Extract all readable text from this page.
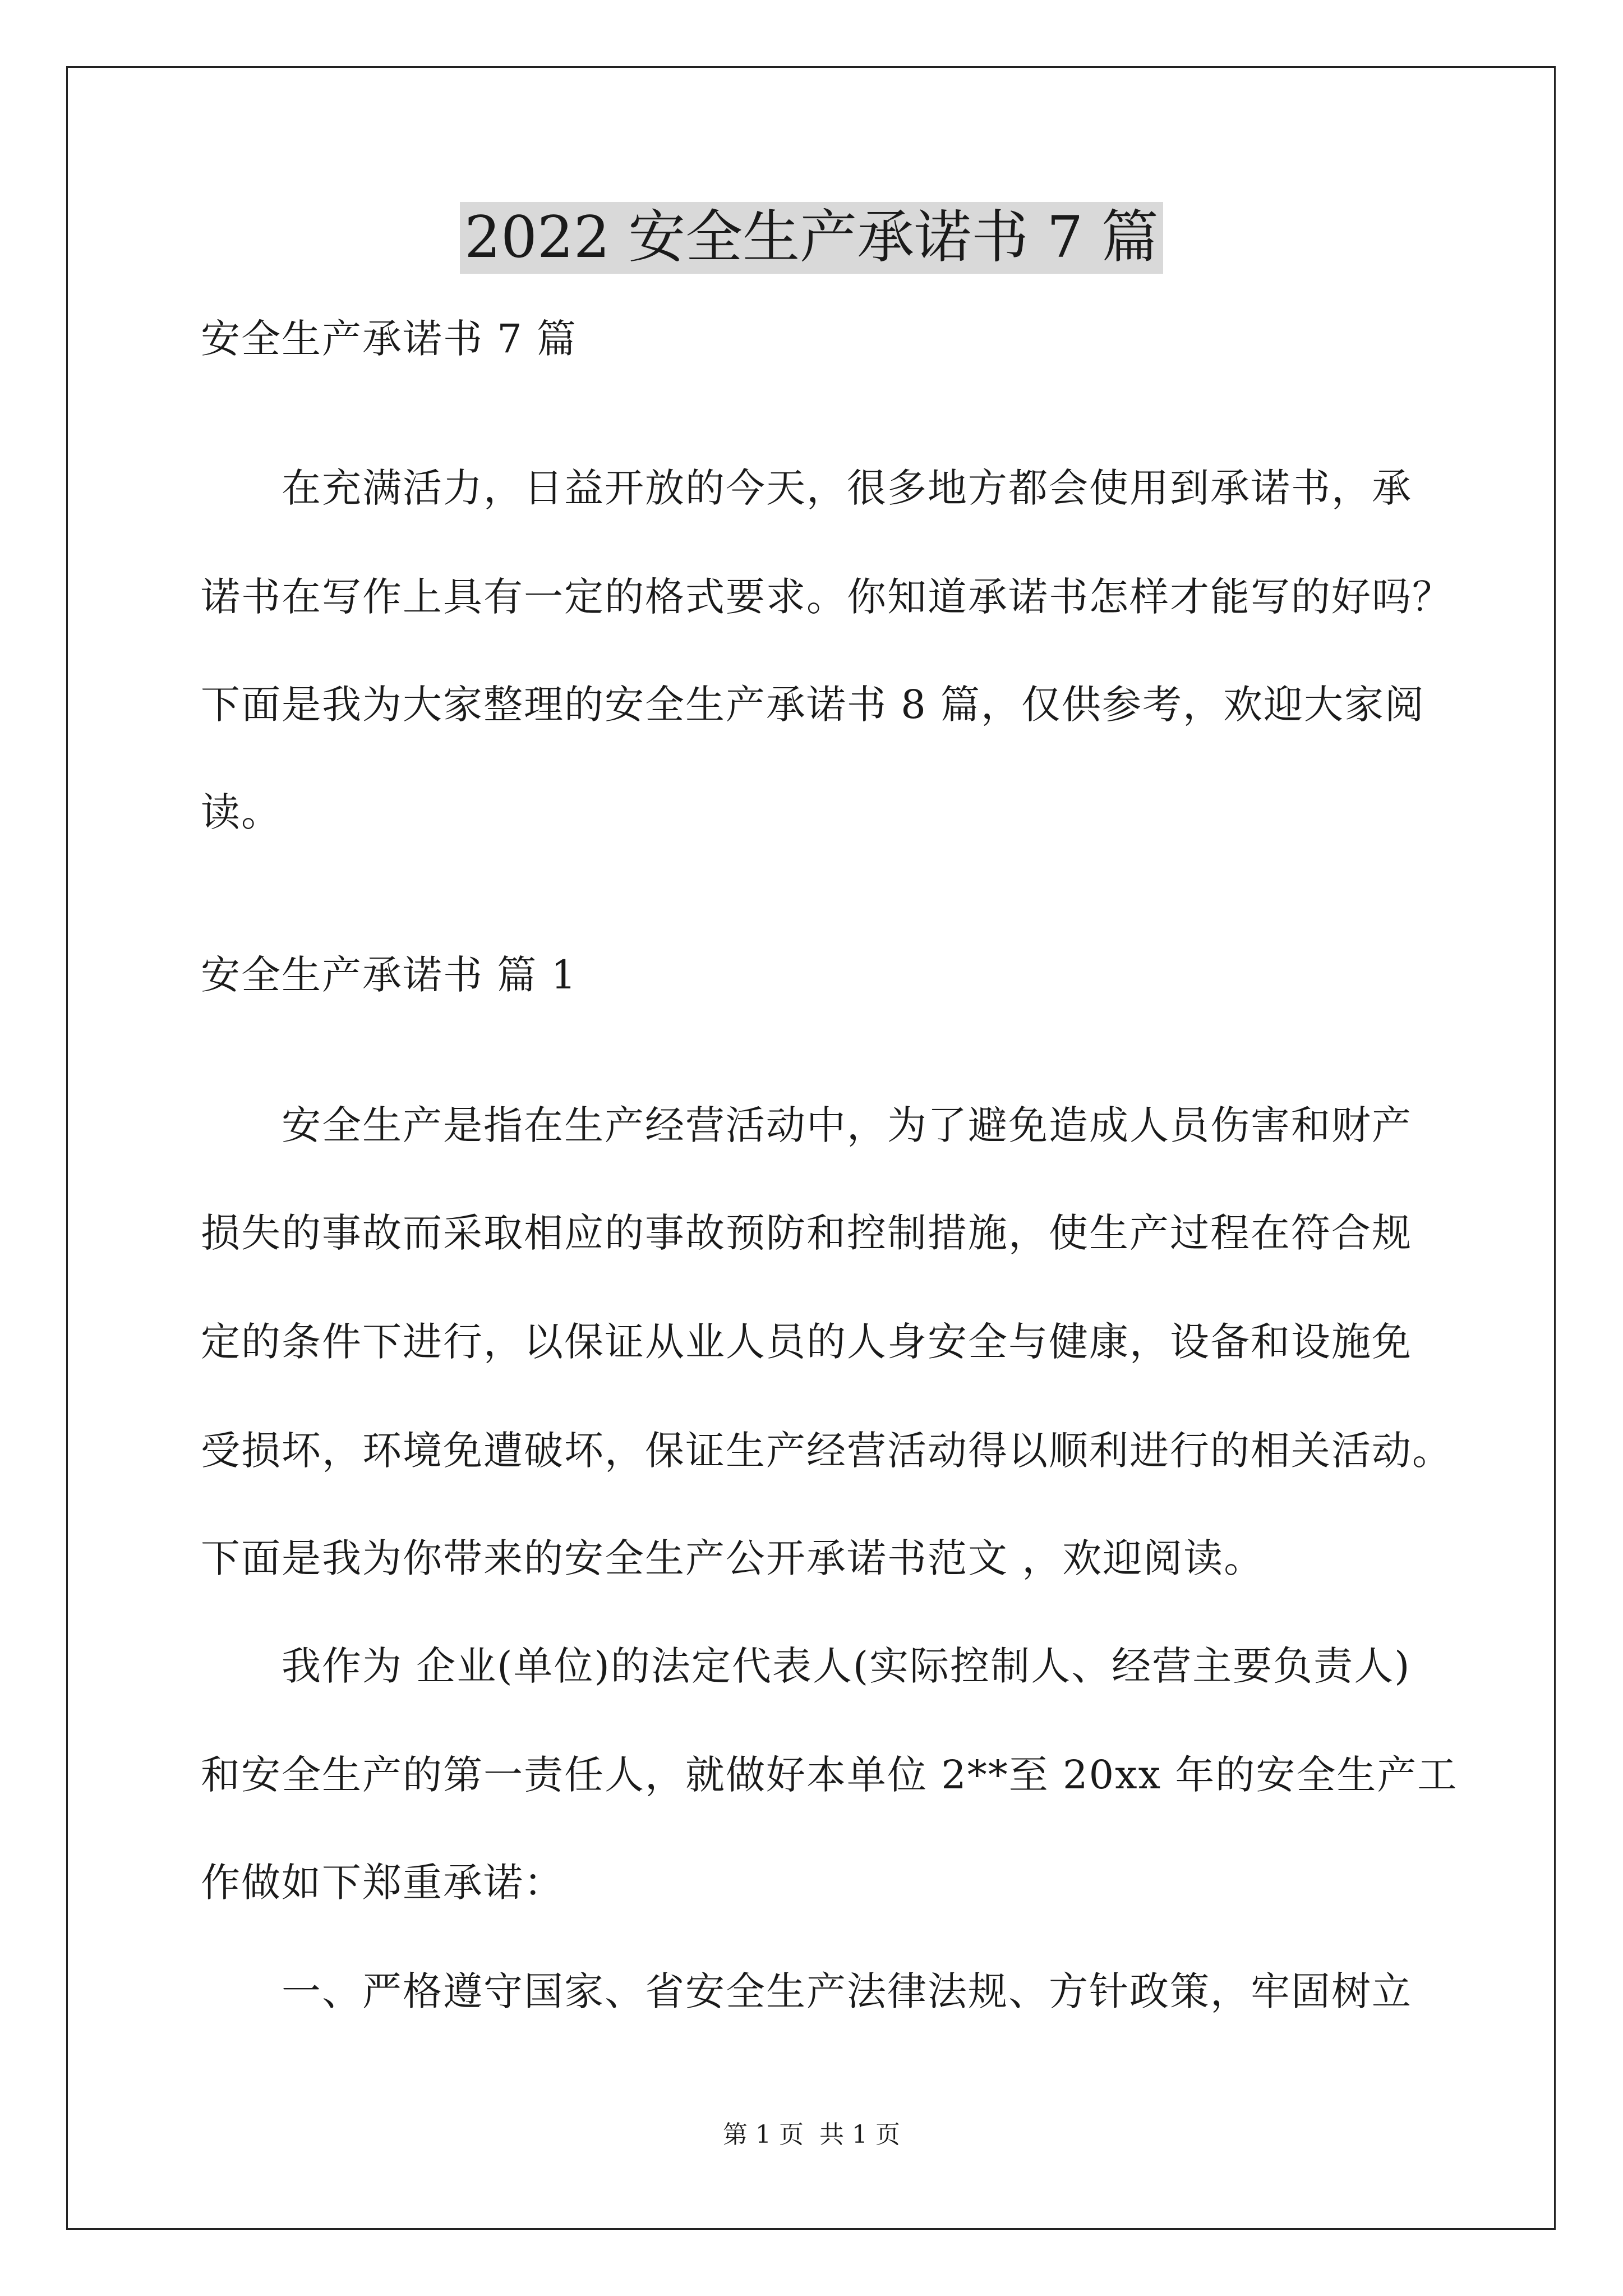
2022 安全生产承诺书 7 篇
安全生产承诺书 7 篇
　　在充满活力，日益开放的今天，很多地方都会使用到承诺书，承
诺书在写作上具有一定的格式要求。你知道承诺书怎样才能写的好吗？
下面是我为大家整理的安全生产承诺书 8 篇，仅供参考，欢迎大家阅
读。
安全生产承诺书 篇 1
　　安全生产是指在生产经营活动中，为了避免造成人员伤害和财产
损失的事故而采取相应的事故预防和控制措施，使生产过程在符合规
定的条件下进行，以保证从业人员的人身安全与健康，设备和设施免
受损坏，环境免遭破坏，保证生产经营活动得以顺利进行的相关活动。
下面是我为你带来的安全生产公开承诺书范文 ，欢迎阅读。
　　我作为 企业(单位)的法定代表人(实际控制人、经营主要负责人)
和安全生产的第一责任人，就做好本单位 2**至 20xx 年的安全生产工
作做如下郑重承诺：
　　一、严格遵守国家、省安全生产法律法规、方针政策，牢固树立
第 1 页 共 1 页
